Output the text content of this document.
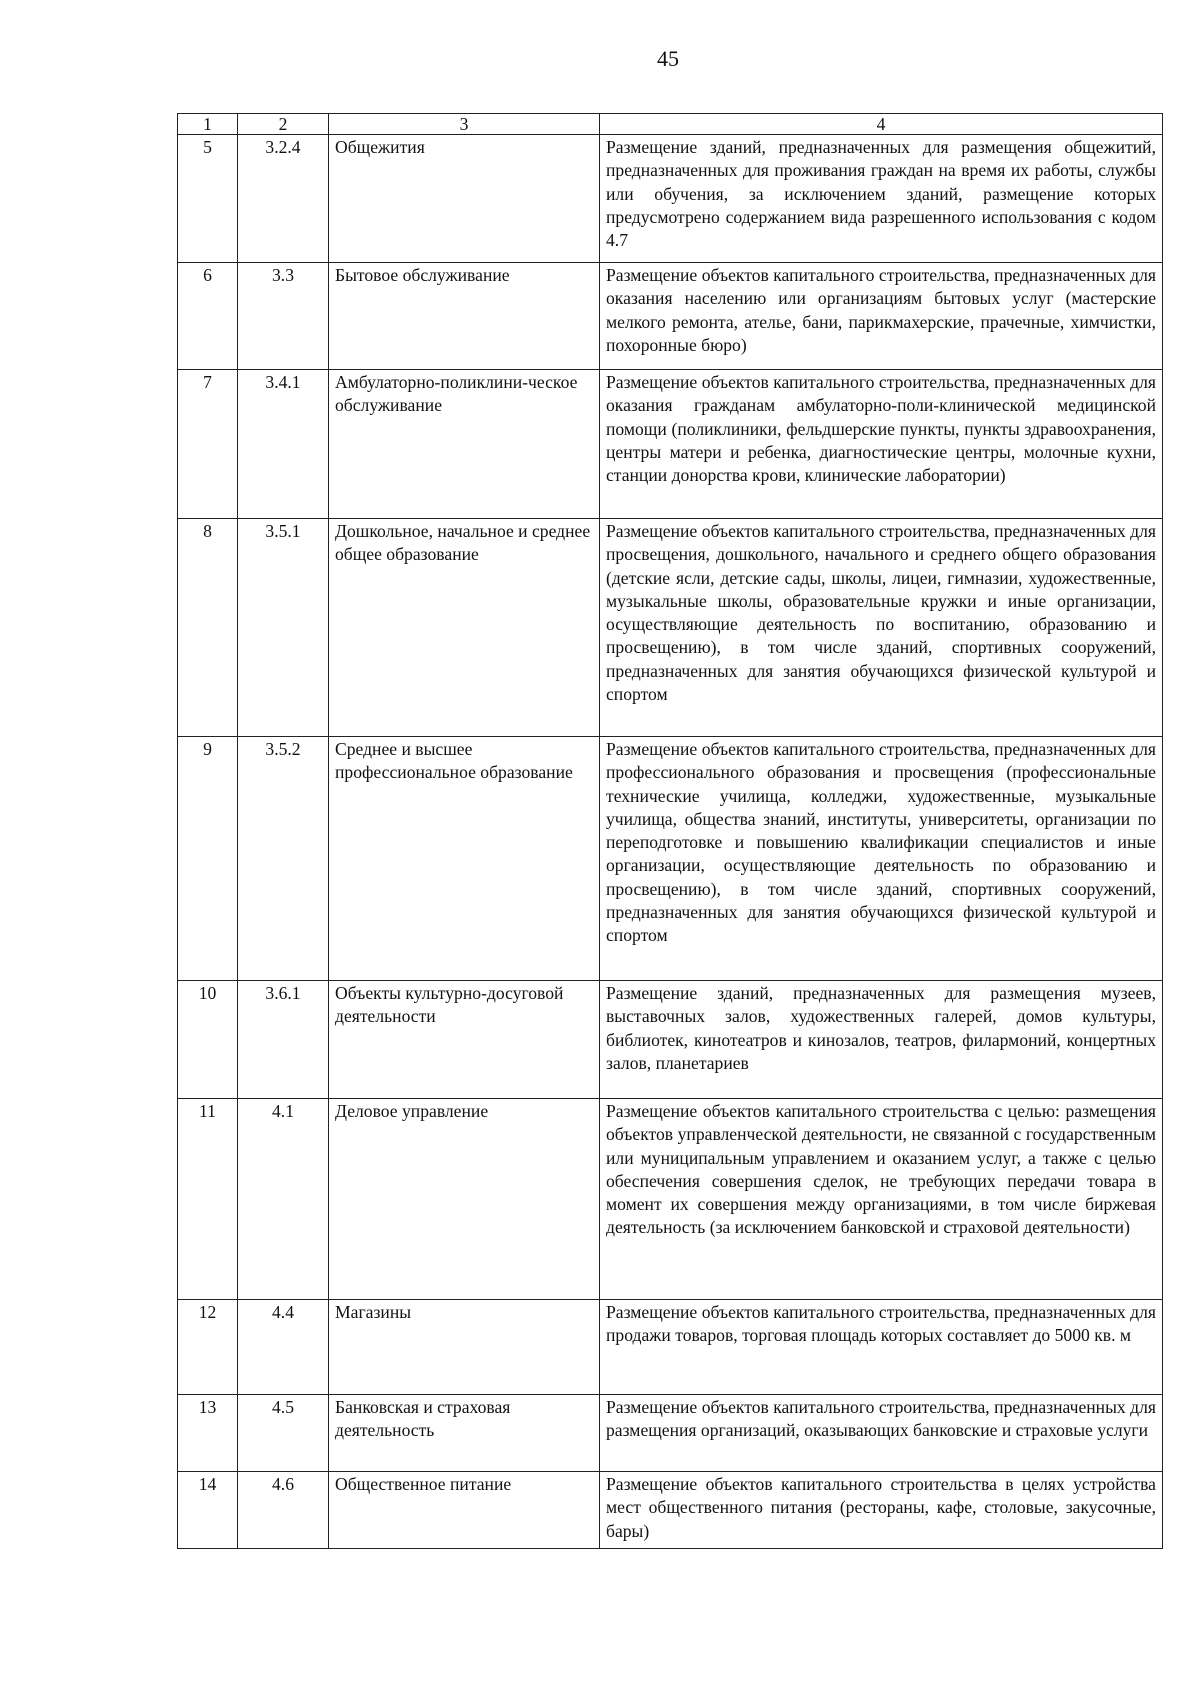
45
1	2	3	4
5	3.2.4	Общежития	Размещение зданий, предназначенных для размещения общежитий, предназначенных для проживания граждан на время их работы, службы или обучения, за исключением зданий, размещение которых предусмотрено содержанием вида разрешенного использования с кодом 4.7
6	3.3	Бытовое обслуживание	Размещение объектов капитального строительства, предназначенных для оказания населению или организациям бытовых услуг (мастерские мелкого ремонта, ателье, бани, парикмахерские, прачечные, химчистки, похоронные бюро)
7	3.4.1	Амбулаторно-поликлини-ческое обслуживание	Размещение объектов капитального строительства, предназначенных для оказания гражданам амбулаторно-поли-клинической медицинской помощи (поликлиники, фельдшерские пункты, пункты здравоохранения, центры матери и ребенка, диагностические центры, молочные кухни, станции донорства крови, клинические лаборатории)
8	3.5.1	Дошкольное, начальное и среднее общее образование	Размещение объектов капитального строительства, предназначенных для просвещения, дошкольного, начального и среднего общего образования (детские ясли, детские сады, школы, лицеи, гимназии, художественные, музыкальные школы, образовательные кружки и иные организации, осуществляющие деятельность по воспитанию, образованию и просвещению), в том числе зданий, спортивных сооружений, предназначенных для занятия обучающихся физической культурой и спортом
9	3.5.2	Среднее и высшее профессиональное образование	Размещение объектов капитального строительства, предназначенных для профессионального образования и просвещения (профессиональные технические училища, колледжи, художественные, музыкальные училища, общества знаний, институты, университеты, организации по переподготовке и повышению квалификации специалистов и иные организации, осуществляющие деятельность по образованию и просвещению), в том числе зданий, спортивных сооружений, предназначенных для занятия обучающихся физической культурой и спортом
10	3.6.1	Объекты культурно-досуговой деятельности	Размещение зданий, предназначенных для размещения музеев, выставочных залов, художественных галерей, домов культуры, библиотек, кинотеатров и кинозалов, театров, филармоний, концертных залов, планетариев
11	4.1	Деловое управление	Размещение объектов капитального строительства с целью: размещения объектов управленческой деятельности, не связанной с государственным или муниципальным управлением и оказанием услуг, а также с целью обеспечения совершения сделок, не требующих передачи товара в момент их совершения между организациями, в том числе биржевая деятельность (за исключением банковской и страховой деятельности)
12	4.4	Магазины	Размещение объектов капитального строительства, предназначенных для продажи товаров, торговая площадь которых составляет до 5000 кв. м
13	4.5	Банковская и страховая деятельность	Размещение объектов капитального строительства, предназначенных для размещения организаций, оказывающих банковские и страховые услуги
14	4.6	Общественное питание	Размещение объектов капитального строительства в целях устройства мест общественного питания (рестораны, кафе, столовые, закусочные, бары)
